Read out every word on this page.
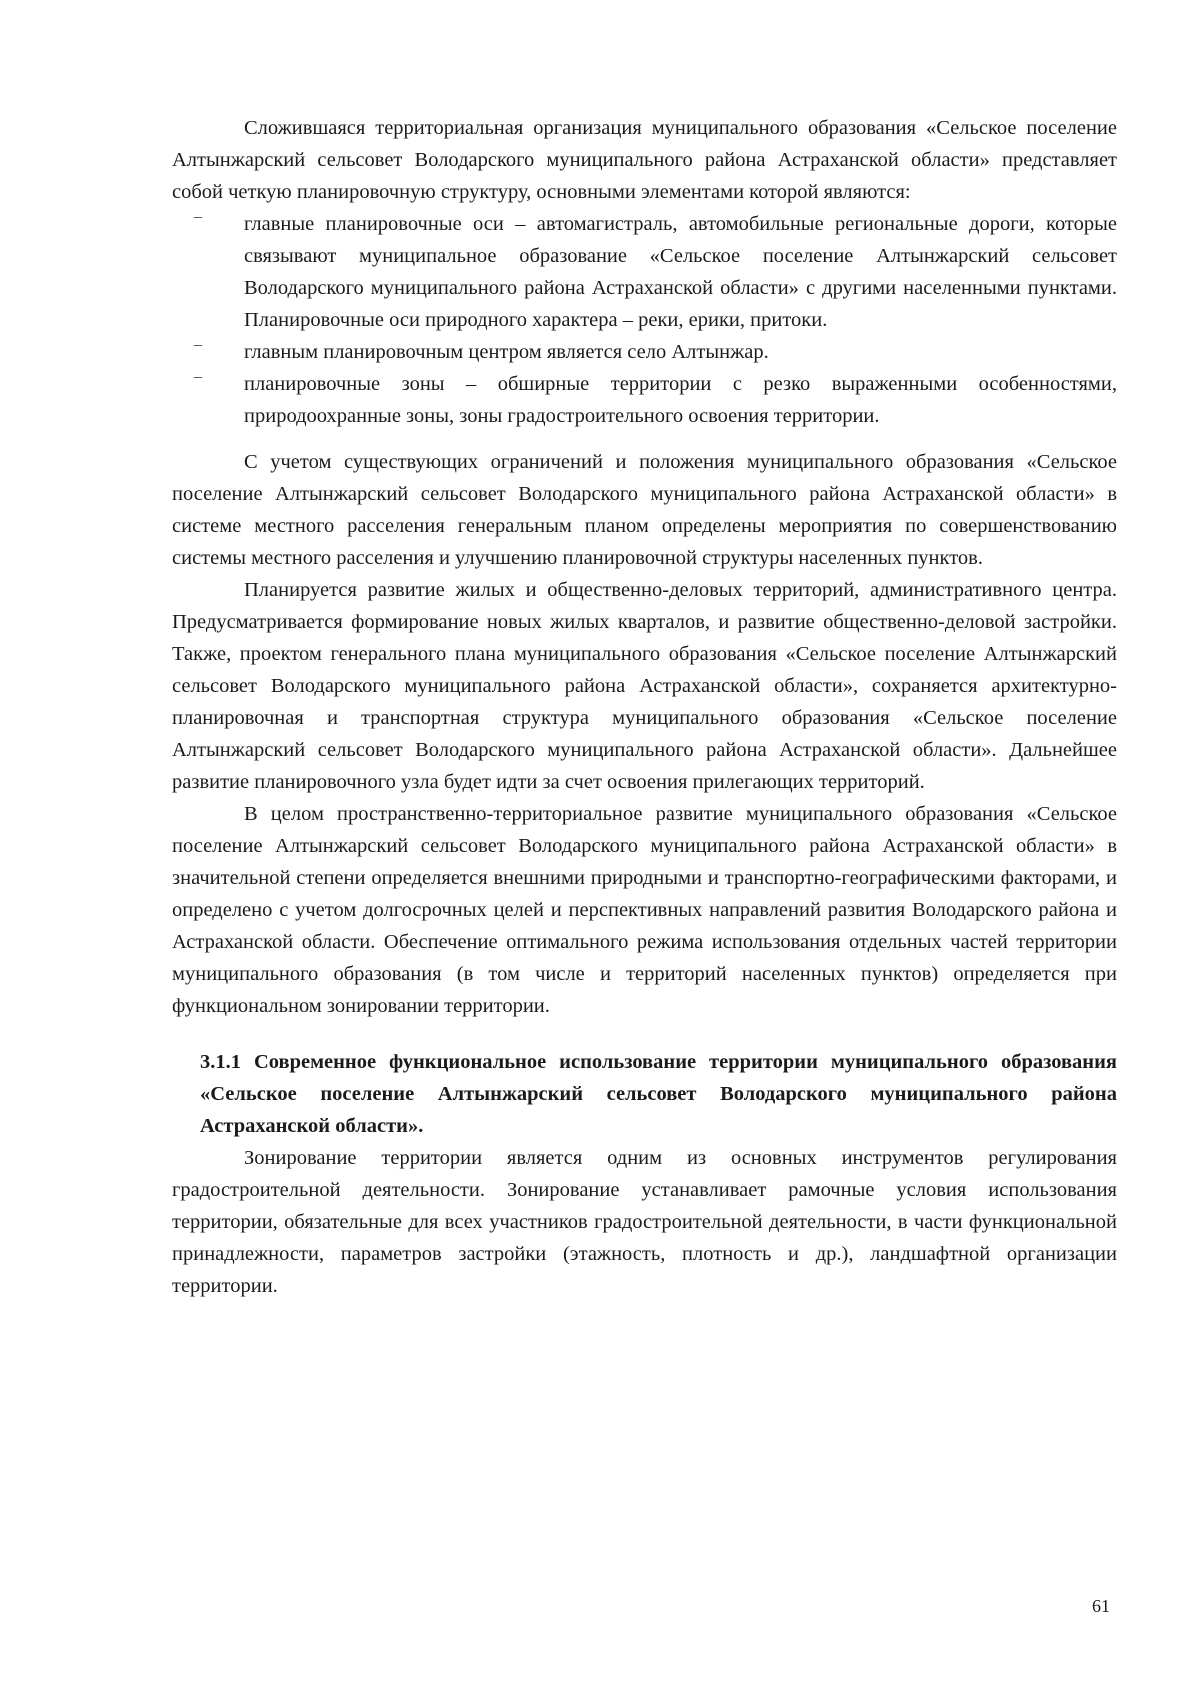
Сложившаяся территориальная организация муниципального образования «Сельское поселение Алтынжарский сельсовет Володарского муниципального района Астраханской области» представляет собой четкую планировочную структуру, основными элементами которой являются:

_
главные планировочные оси – автомагистраль, автомобильные региональные дороги, которые связывают муниципальное образование «Сельское поселение Алтынжарский сельсовет Володарского муниципального района Астраханской области» с другими населенными пунктами. Планировочные оси природного характера – реки, ерики, притоки.
_
главным планировочным центром является село Алтынжар.
_
планировочные зоны – обширные территории с резко выраженными особенностями, природоохранные зоны, зоны градостроительного освоения территории.

С учетом существующих ограничений и положения муниципального образования «Сельское поселение Алтынжарский сельсовет Володарского муниципального района Астраханской области» в системе местного расселения генеральным планом определены мероприятия по совершенствованию системы местного расселения и улучшению планировочной структуры населенных пунктов.

Планируется развитие жилых и общественно-деловых территорий, административного центра. Предусматривается формирование новых жилых кварталов, и развитие общественно-деловой застройки. Также, проектом генерального плана муниципального образования «Сельское поселение Алтынжарский сельсовет Володарского муниципального района Астраханской области», сохраняется архитектурно-планировочная и транспортная структура муниципального образования «Сельское поселение Алтынжарский сельсовет Володарского муниципального района Астраханской области». Дальнейшее развитие планировочного узла будет идти за счет освоения прилегающих территорий.

В целом пространственно-территориальное развитие муниципального образования «Сельское поселение Алтынжарский сельсовет Володарского муниципального района Астраханской области» в значительной степени определяется внешними природными и транспортно-географическими факторами, и определено с учетом долгосрочных целей и перспективных направлений развития Володарского района и Астраханской области. Обеспечение оптимального режима использования отдельных частей территории муниципального образования (в том числе и территорий населенных пунктов) определяется при функциональном зонировании территории.

3.1.1 Современное функциональное использование территории муниципального образования «Сельское поселение Алтынжарский сельсовет Володарского муниципального района Астраханской области».

Зонирование территории является одним из основных инструментов регулирования градостроительной деятельности. Зонирование устанавливает рамочные условия использования территории, обязательные для всех участников градостроительной деятельности, в части функциональной принадлежности, параметров застройки (этажность, плотность и др.), ландшафтной организации территории.

61
